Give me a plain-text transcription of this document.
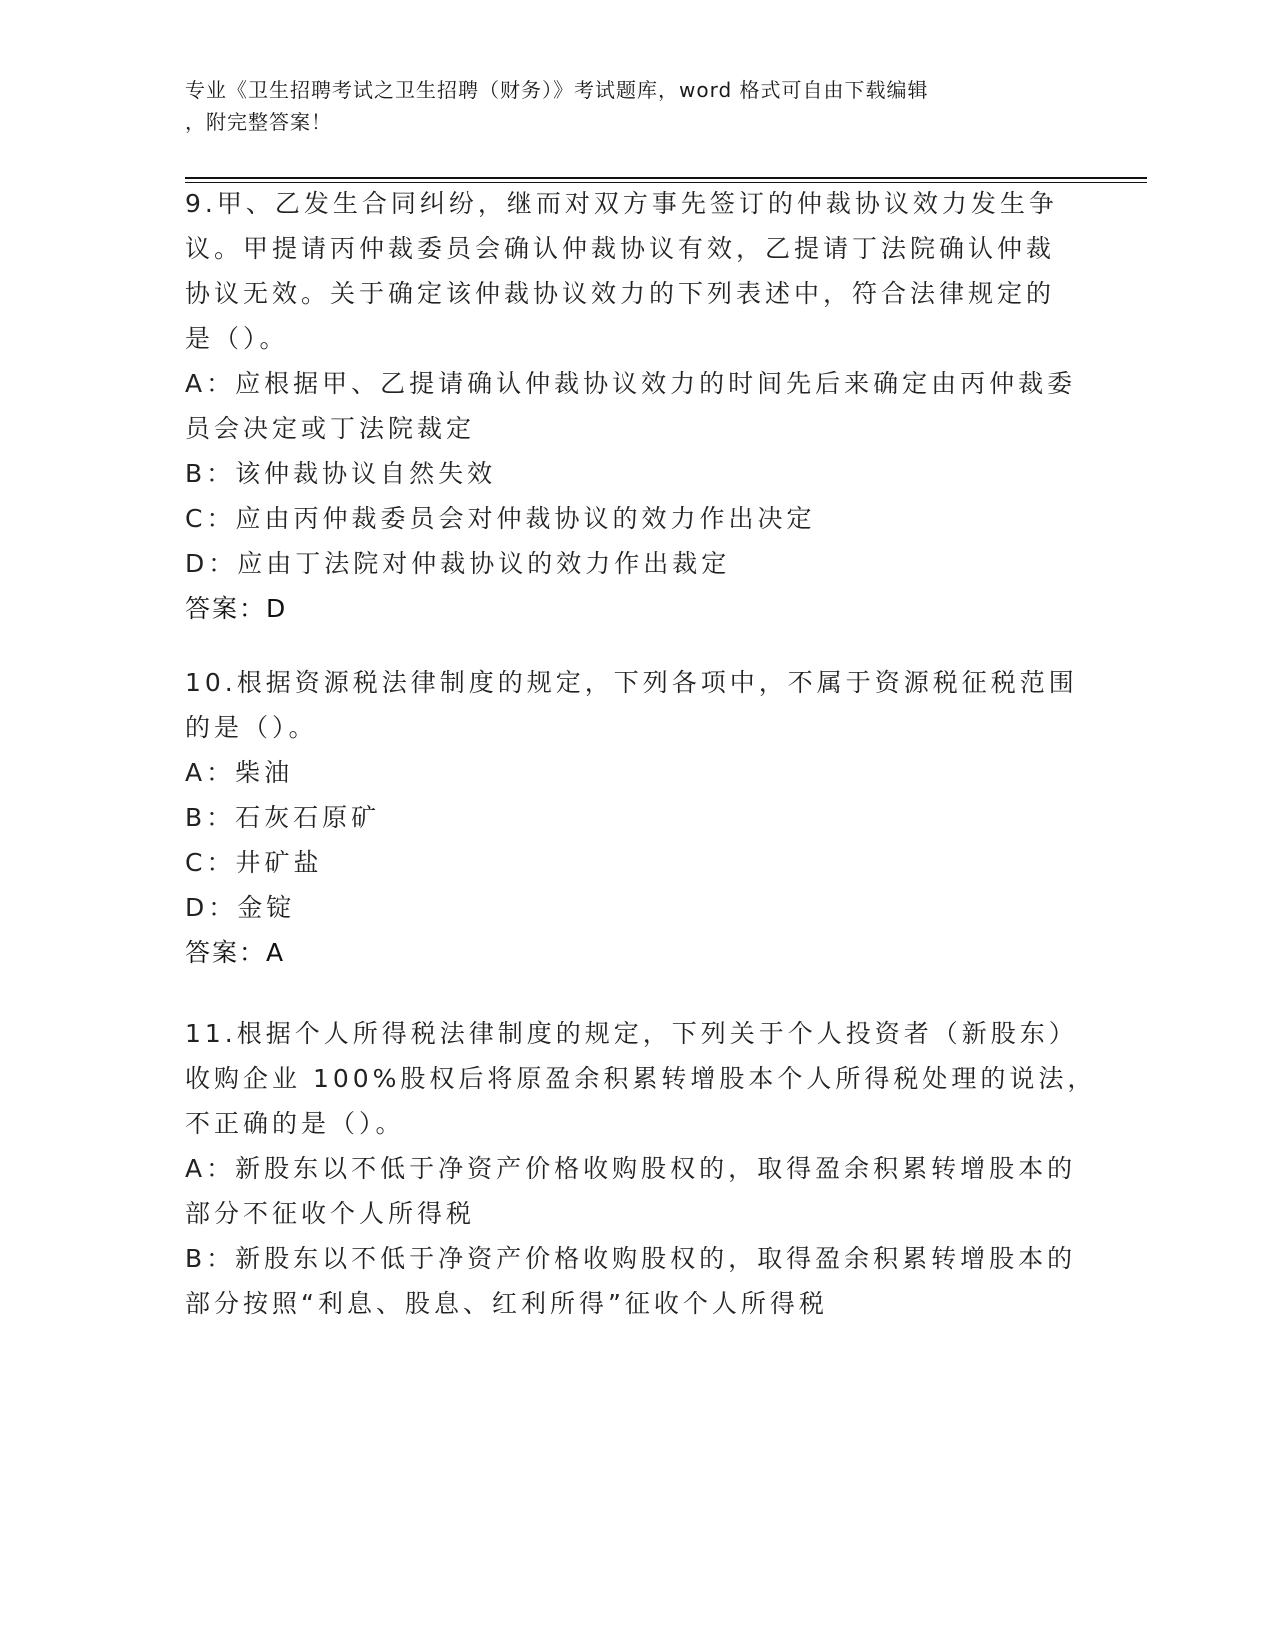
专业《卫生招聘考试之卫生招聘（财务）》考试题库，word 格式可自由下载编辑
，附完整答案！
9.甲、乙发生合同纠纷，继而对双方事先签订的仲裁协议效力发生争
议。甲提请丙仲裁委员会确认仲裁协议有效，乙提请丁法院确认仲裁
协议无效。关于确定该仲裁协议效力的下列表述中，符合法律规定的
是（）。
A：应根据甲、乙提请确认仲裁协议效力的时间先后来确定由丙仲裁委
员会决定或丁法院裁定
B：该仲裁协议自然失效
C：应由丙仲裁委员会对仲裁协议的效力作出决定
D：应由丁法院对仲裁协议的效力作出裁定
答案：D
10.根据资源税法律制度的规定，下列各项中，不属于资源税征税范围
的是（）。
A：柴油
B：石灰石原矿
C：井矿盐
D：金锭
答案：A
11.根据个人所得税法律制度的规定，下列关于个人投资者（新股东）
收购企业 100%股权后将原盈余积累转增股本个人所得税处理的说法，
不正确的是（）。
A：新股东以不低于净资产价格收购股权的，取得盈余积累转增股本的
部分不征收个人所得税
B：新股东以不低于净资产价格收购股权的，取得盈余积累转增股本的
部分按照“利息、股息、红利所得”征收个人所得税
